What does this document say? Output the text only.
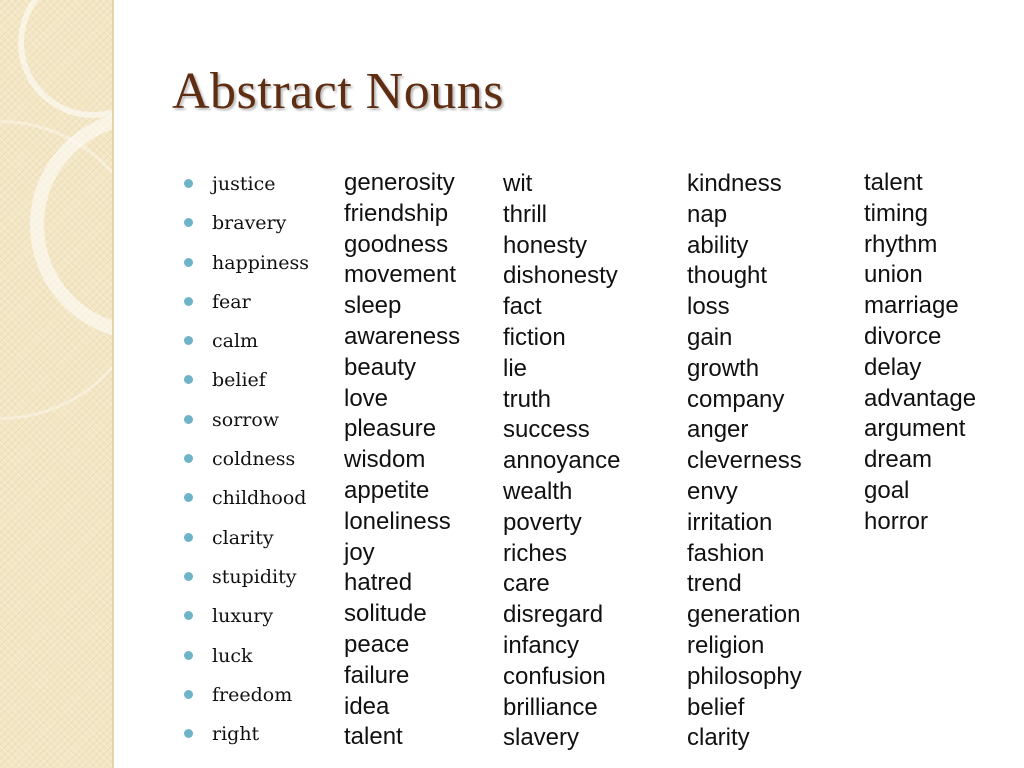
Abstract Nouns
justice
bravery
happiness
fear
calm
belief
sorrow
coldness
childhood
clarity
stupidity
luxury
luck
freedom
right
generosity
friendship
goodness
movement
sleep
awareness
beauty
love
pleasure
wisdom
appetite
loneliness
joy
hatred
solitude
peace
failure
idea
talent
wit
thrill
honesty
dishonesty
fact
fiction
lie
truth
success
annoyance
wealth
poverty
riches
care
disregard
infancy
confusion
brilliance
slavery
kindness
nap
ability
thought
loss
gain
growth
company
anger
cleverness
envy
irritation
fashion
trend
generation
religion
philosophy
belief
clarity
talent
timing
rhythm
union
marriage
divorce
delay
advantage
argument
dream
goal
horror
